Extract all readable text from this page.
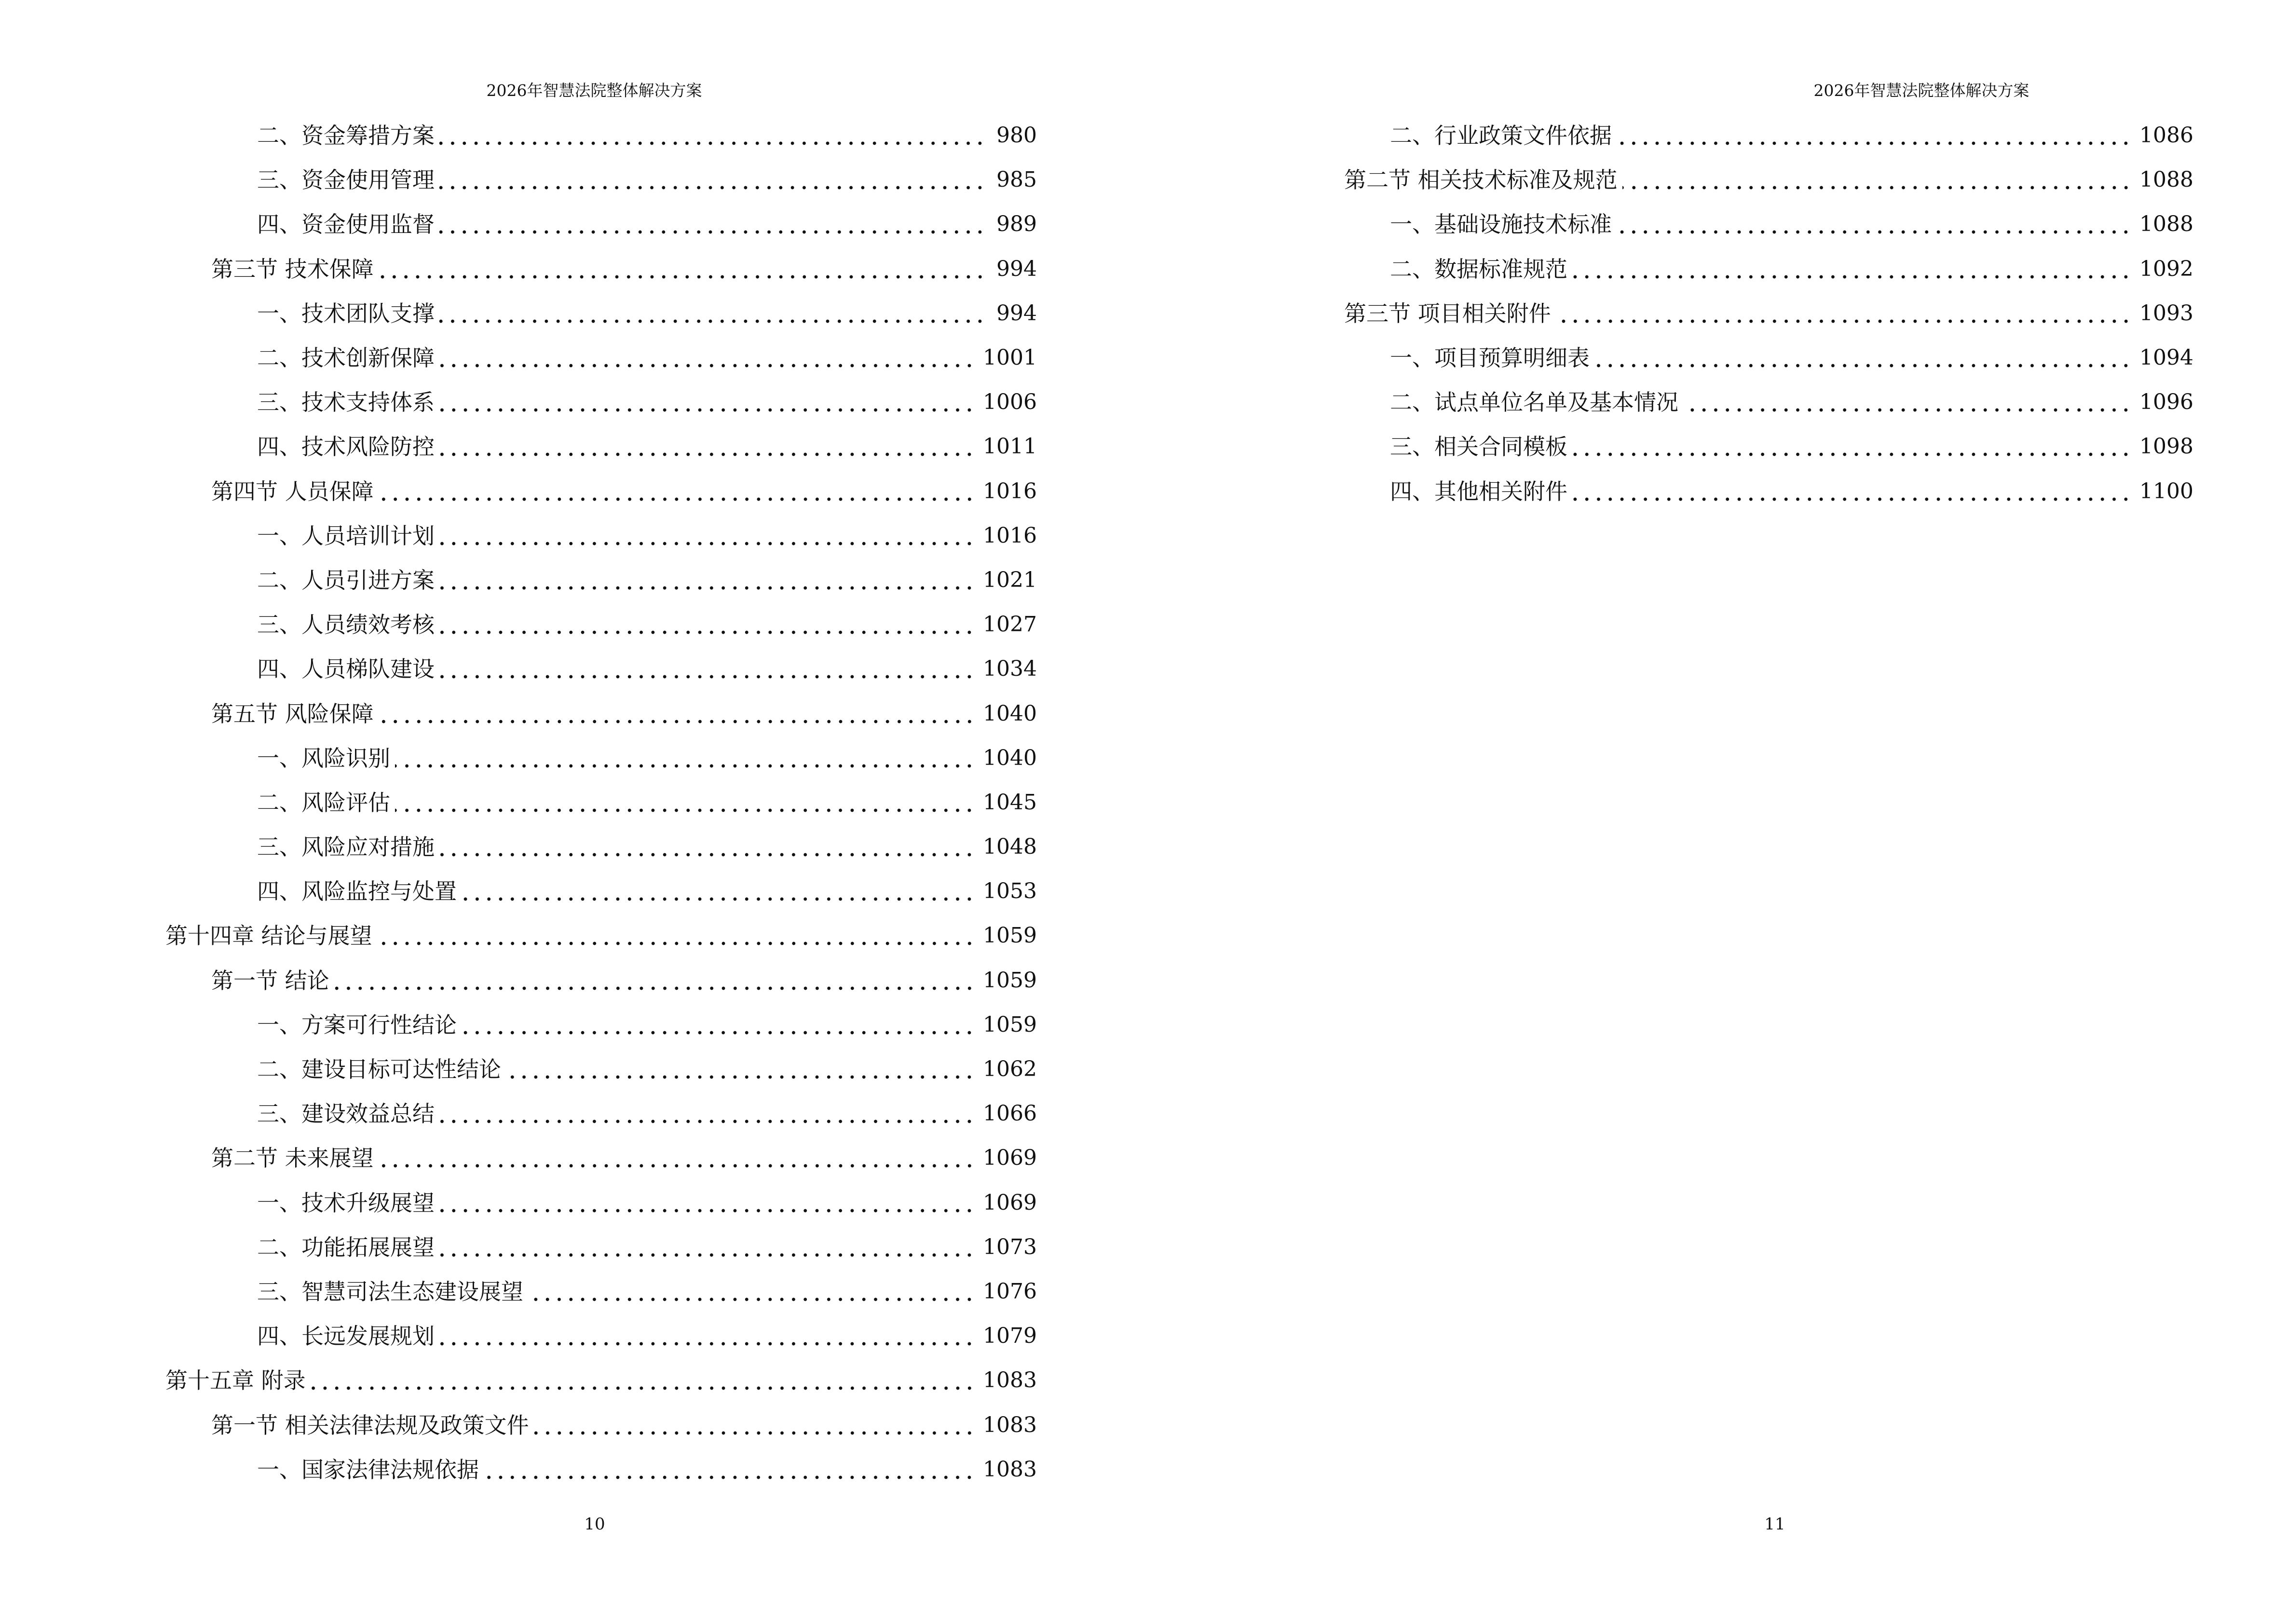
2026年智慧法院整体解决方案
二、资金筹措方案	980
三、资金使用管理	985
四、资金使用监督	989
第三节 技术保障	994
一、技术团队支撑	994
二、技术创新保障	1001
三、技术支持体系	1006
四、技术风险防控	1011
第四节 人员保障	1016
一、人员培训计划	1016
二、人员引进方案	1021
三、人员绩效考核	1027
四、人员梯队建设	1034
第五节 风险保障	1040
一、风险识别	1040
二、风险评估	1045
三、风险应对措施	1048
四、风险监控与处置	1053
第十四章 结论与展望	1059
第一节 结论	1059
一、方案可行性结论	1059
二、建设目标可达性结论	1062
三、建设效益总结	1066
第二节 未来展望	1069
一、技术升级展望	1069
二、功能拓展展望	1073
三、智慧司法生态建设展望	1076
四、长远发展规划	1079
第十五章 附录	1083
第一节 相关法律法规及政策文件	1083
一、国家法律法规依据	1083
10
2026年智慧法院整体解决方案
二、行业政策文件依据	1086
第二节 相关技术标准及规范	1088
一、基础设施技术标准	1088
二、数据标准规范	1092
第三节 项目相关附件	1093
一、项目预算明细表	1094
二、试点单位名单及基本情况	1096
三、相关合同模板	1098
四、其他相关附件	1100
11
